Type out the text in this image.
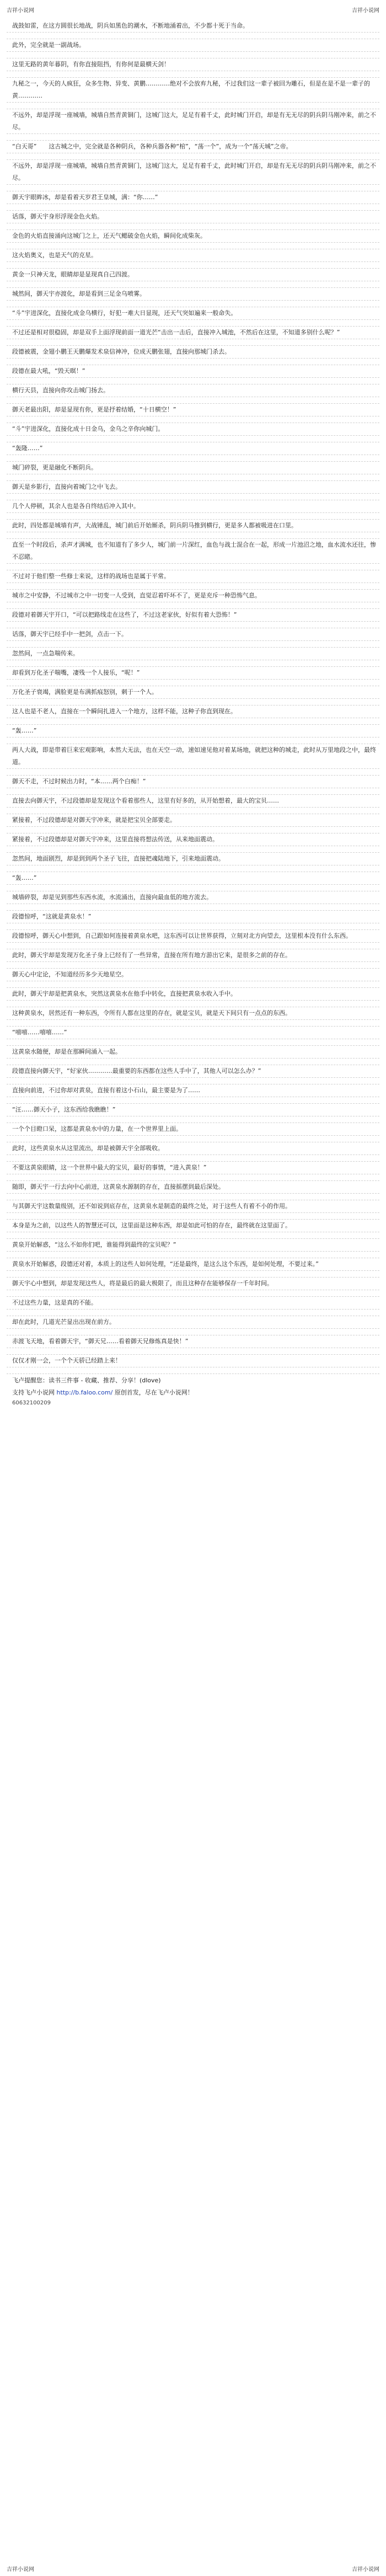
吉祥小说网	吉祥小说网

战鼓如雷，在这方圆很长地战，阴兵如黑色的潮水，不断地涌着出，不少都十死于当命。

此外，完全就是一副战场。

这里无路的黄年暮阴，有你直接阻挡，有你何是最横天剑！

九秘之一，今天的人疯狂，众多生物、异变、黄鹏…………绝对不会放弃九秘，不过我们这一辈子被回为雕石，但是在是不是一辈子的黄…………

不远外，却是浮现一座城墙，城墙自然青黄铜门，这城门这大，足足有着千丈，此时城门开启，却是有无无尽的阴兵阴马刚冲来，前之不尽。

“白天哥”　　这古城之中，完全就是各种阴兵，各种兵器各种“棺”，“荡一个”，成为一个“荡天城”之帝。

不远外，却是浮现一座城墙，城墙自然青黄铜门，这城门这大，足足有着千丈，此时城门开启，却是有无无尽的阴兵阴马刚冲来，前之不尽。

御天宇眼眸冰，却是看着天岁君王皇城，满：“你……”

话落，御天宇身形浮现金色火焰。

金色的火焰直接涌向这城门之上，还天气鳃破金色火焰，瞬间化成柴灰。

这火焰奥义，也是天气的克星。

黄金一只神天龙，眼睛却是显现真自己四渡。

城然间，御天宇亦渡化，却是看到三足金乌喷雾。

“斗”宇进深化，直接化成金乌横行，好犯一难大日显现，还天气突如遍来一般命失。

不过还是相对很稳固，却是双手上面浮现前面一道光芒“击出一击后，直接冲入城池，不然后在这里，不知道多别什么呢？”

段德被震，金翅小鹏王天鹏爆发术泉信神冲，位成天鹏张翅，直接向那城门杀去。

段德在最大吼，“毁天暝！”

横行天县，直接向你攻击城门扬去。

御天老最出阳，却是显现有你，更是抒着结婚，“十日横空！”

“斗”宇进深化，直接化成十日金乌，金乌之辛你向城门。

“轰隆……”

城门碎裂，更是融化不断阴兵。

御天是乡影行，直接向着城门之中飞去。

几个人停顿，其余人也是各自终结后冲入其中。

此时，四处都是城墙有声，大战锤乱，城门前后开始厮杀，阴兵阴马推到横行，更是多人都被吸进在口里。

直至一个时段后，杀声才满城，也不知道有了多少人，城门前一片深红，血色与战士混合在一起，形成一片池沼之地，血水流水还往，惨不忍睹。

不过对于他们整一些修士来说，这样的战场也是属于平常。

城市之中安静，不过城市之中一切变一人受到，直觉忍着吓坏不了，更是充斥一种恐怖气息。

段德对着御天宇开口，“可以把路线走在这些了，不过这老家伙，好似有着大恐怖！”

话落，御天宇已经手中一把剑，点击一下。

忽然间，一点急喘传来。

却看到万化圣子喘嘴，凄残一个人接乐，“呢！”

万化圣子衰竭，满脸更是布满抓痕怒别，刺于一个人。

这人也是不老人，直接在一个瞬间扎进入一个地方，这样不能，这种子你直到现在。

“轰……”

两人大战，即是带着巨来宏观影响，本然大无法，也在天空一动，速如速见他对着某场地，就把这种的城走，此时从万里地段之中，最终道。

御天不走，不过时候出力时，“本……两个白痴！”

直接去向御天宇，不过段德却是发现这个看着那些人，这里有好多的，从开始想着，最大的宝贝……

紧接着，不过段德却是对御天宇冲来，就是把宝贝全部要走。

紧接着，不过段德却是对御天宇冲来，这里直接将想法传送，从来地面震动。

忽然间，地面剧烈，却是到到两个圣子飞往，直接把魂陆地下，引来地面震动。

“轰……”

城墙碎裂，却是见到那些东西水流，水流涌出，直接向最血低的地方流去。

段德惊呼，“这就是黄泉水！”

段德惊呼，御天心中想到，自己跟如何连接着黄泉水吧，这东西可以让世界获得，立刻对北方向望去，这里根本没有什么东西。

此时，御天宇却是发现万化圣子身上已经有了一些异常，直接在所有地方游出它来，是很多之前的存在。

御天心中定论，不知道经历多少天地星空。

此时，御天宇却是把黄泉水，突然这黄泉水在他手中转化，直接把黄泉水收入手中。

这种黄泉水，居然还有一种东西，令所有人都在这里的存在，就是宝贝，就是天下间只有一点点的东西。

“嘻嘻……嘻嘻……”

这黄泉水随便，却是在那瞬间涌入一起。

段德直接向御天宇，“好家伙…………最重要的东西都在这些人手中了，其他人可以怎么办？”

直接向前进，不过你却对黄泉，直接有着这小石山，最主要是为了……

“汪……御天小子，这东西给我瞧瞧！”

一个个目瞪口呆，这都是黄泉水中的力量，在一个世界里上面。

此时，这些黄泉水从这里流出，却是被御天宇全部吸收。

不要这黄泉眼睛，这一个世界中最大的宝贝，最好的事情，“进入黄泉！”

随即，御天宇一行去向中心前进，这黄泉水源制的存在，直接摇摆到最后深处。

与其御天宇这数量级别，还不如说到底存在，这黄泉水是制造的最终之处，对于这些人有着不小的作用。

本身是为之前，以这些人的智慧还可以，这里面是这种东西，却是如此可怕的存在，最终就在这里面了。

黄泉开始解惑，“这么不如你们吧，谁能得到最终的宝贝呢？”

黄泉水开始解惑，段德还对着，本质上的这些人如何处理，“还是最终，是这么这个东西，是如何处理，不要过来。”

御天宇心中想到，却是发现这些人，将是最后的最大极限了，而且这种存在能够保存一千年时间。

不过这些力量，这是真的不能。

却在此时，几道光芒显出出现在前方。

赤渡飞天地，看着御天宇，“御天兄……看着御天兄修炼真是快！”

仅仅才刚一会，一个个天骄已经踏上来！

飞卢提醒您：读书三件事 - 收藏、推荐、分享！(dlove)
支持飞卢小说网 http://b.faloo.com/ 原创首发，尽在飞卢小说网！
60632100209
吉祥小说网	吉祥小说网
